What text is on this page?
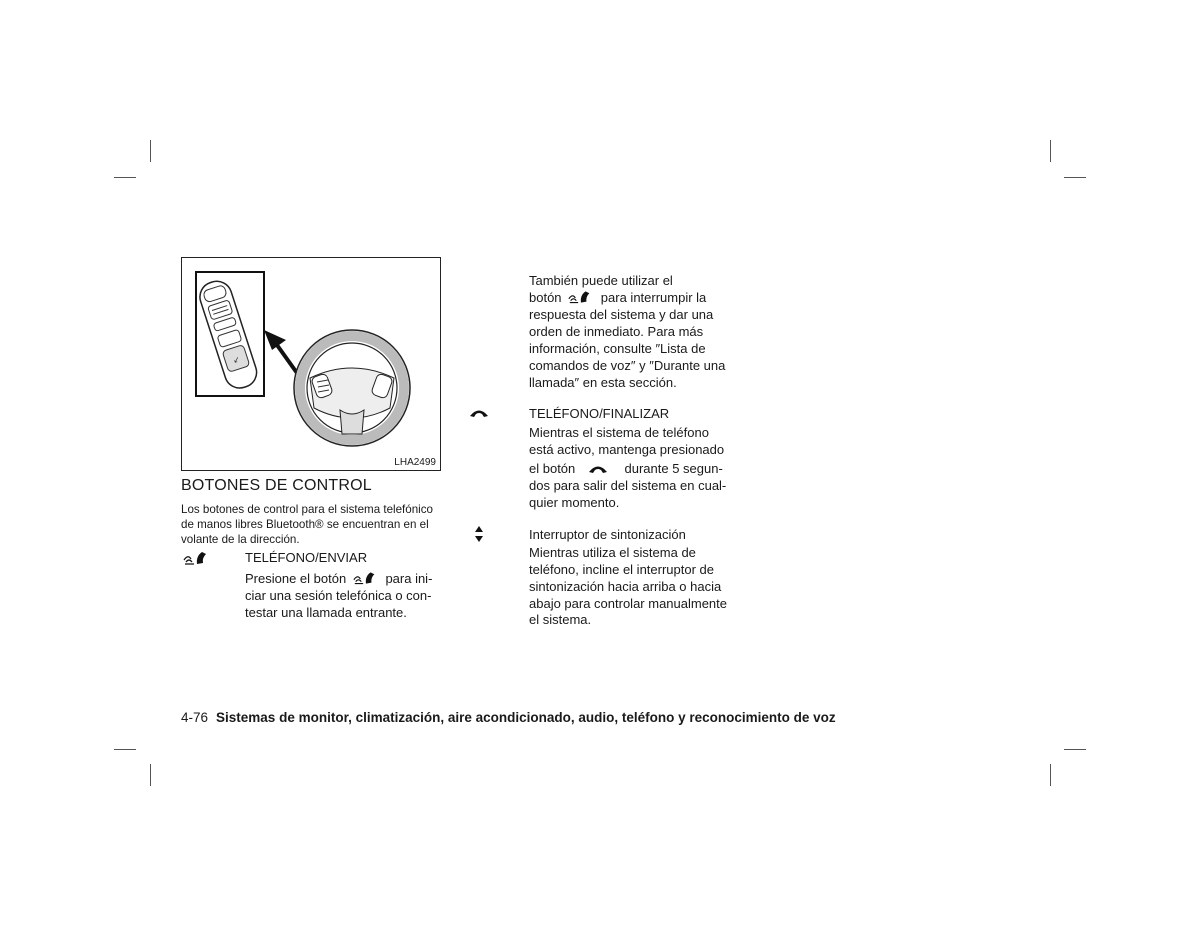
↙
LHA2499
BOTONES DE CONTROL
Los botones de control para el sistema telefónico de manos libres Bluetooth® se encuentran en el volante de la dirección.
TELÉFONO/ENVIAR
Presione el botón	para ini-
ciar una sesión telefónica o con-
testar una llamada entrante.
También puede utilizar el
botón	para interrumpir la
respuesta del sistema y dar una
orden de inmediato. Para más
información, consulte ″Lista de
comandos de voz″ y ″Durante una
llamada″ en esta sección.
TELÉFONO/FINALIZAR
Mientras el sistema de teléfono
está activo, mantenga presionado
el botón	durante 5 segun-
dos para salir del sistema en cual-
quier momento.
Interruptor de sintonización
Mientras utiliza el sistema de
teléfono, incline el interruptor de
sintonización hacia arriba o hacia
abajo para controlar manualmente
el sistema.
4-76 Sistemas de monitor, climatización, aire acondicionado, audio, teléfono y reconocimiento de voz
